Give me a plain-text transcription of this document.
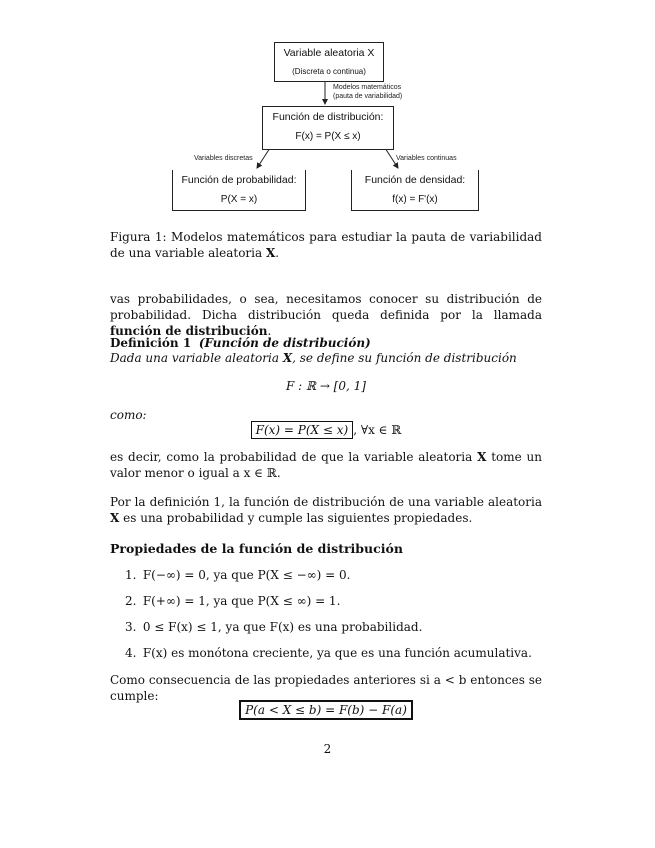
Variable aleatoria X
(Discreta o continua)
Modelos matemáticos
(pauta de variabilidad)
Función de distribución:
F(x) = P(X ≤ x)
Variables discretas	Variables continuas
Función de probabilidad:
P(X = x)
Función de densidad:
f(x) = F'(x)
Figura 1: Modelos matemáticos para estudiar la pauta de variabilidad de una variable aleatoria X.
vas probabilidades, o sea, necesitamos conocer su distribución de probabilidad. Dicha distribución queda definida por la llamada función de distribución.
Definición 1 (Función de distribución)
Dada una variable aleatoria X, se define su función de distribución
F : ℝ → [0, 1]
como:
F(x) = P(X ≤ x) , ∀x ∈ ℝ
es decir, como la probabilidad de que la variable aleatoria X tome un valor menor o igual a x ∈ ℝ.
Por la definición 1, la función de distribución de una variable aleatoria X es una probabilidad y cumple las siguientes propiedades.
Propiedades de la función de distribución
1. F(−∞) = 0, ya que P(X ≤ −∞) = 0.
2. F(+∞) = 1, ya que P(X ≤ ∞) = 1.
3. 0 ≤ F(x) ≤ 1, ya que F(x) es una probabilidad.
4. F(x) es monótona creciente, ya que es una función acumulativa.
Como consecuencia de las propiedades anteriores si a < b entonces se cumple:
P(a < X ≤ b) = F(b) − F(a)
2
